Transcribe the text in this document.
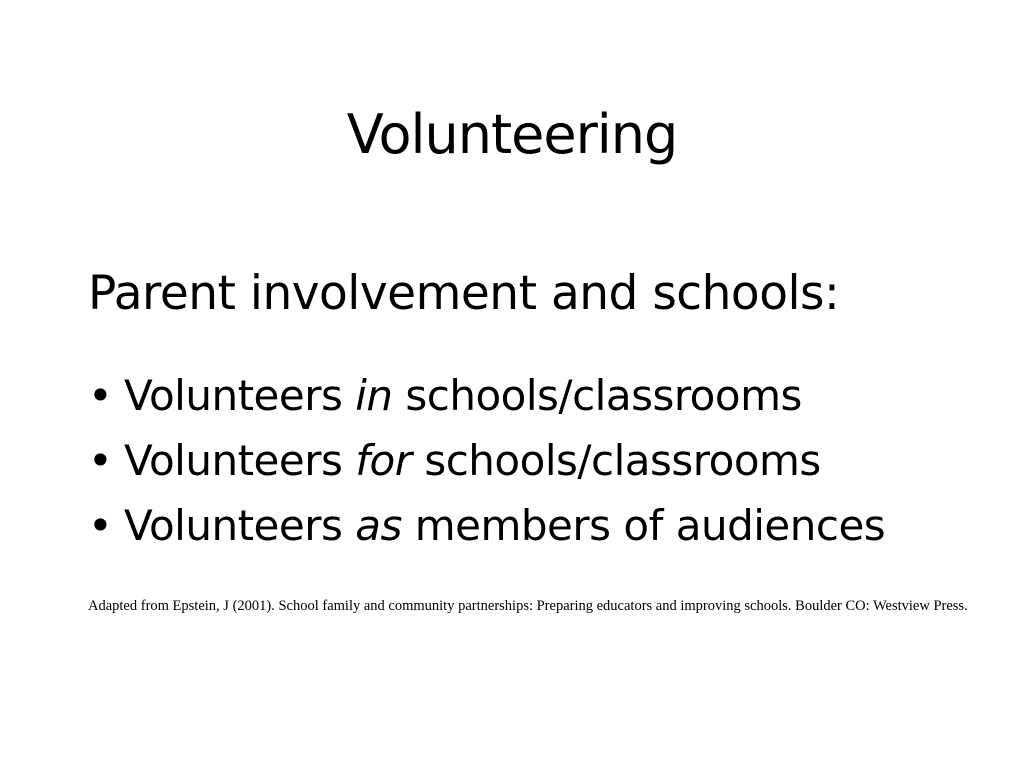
Volunteering
Parent involvement and schools:
• Volunteers in schools/classrooms
• Volunteers for schools/classrooms
• Volunteers as members of audiences
Adapted from Epstein, J (2001). School family and community partnerships: Preparing educators and improving schools. Boulder CO: Westview Press.
